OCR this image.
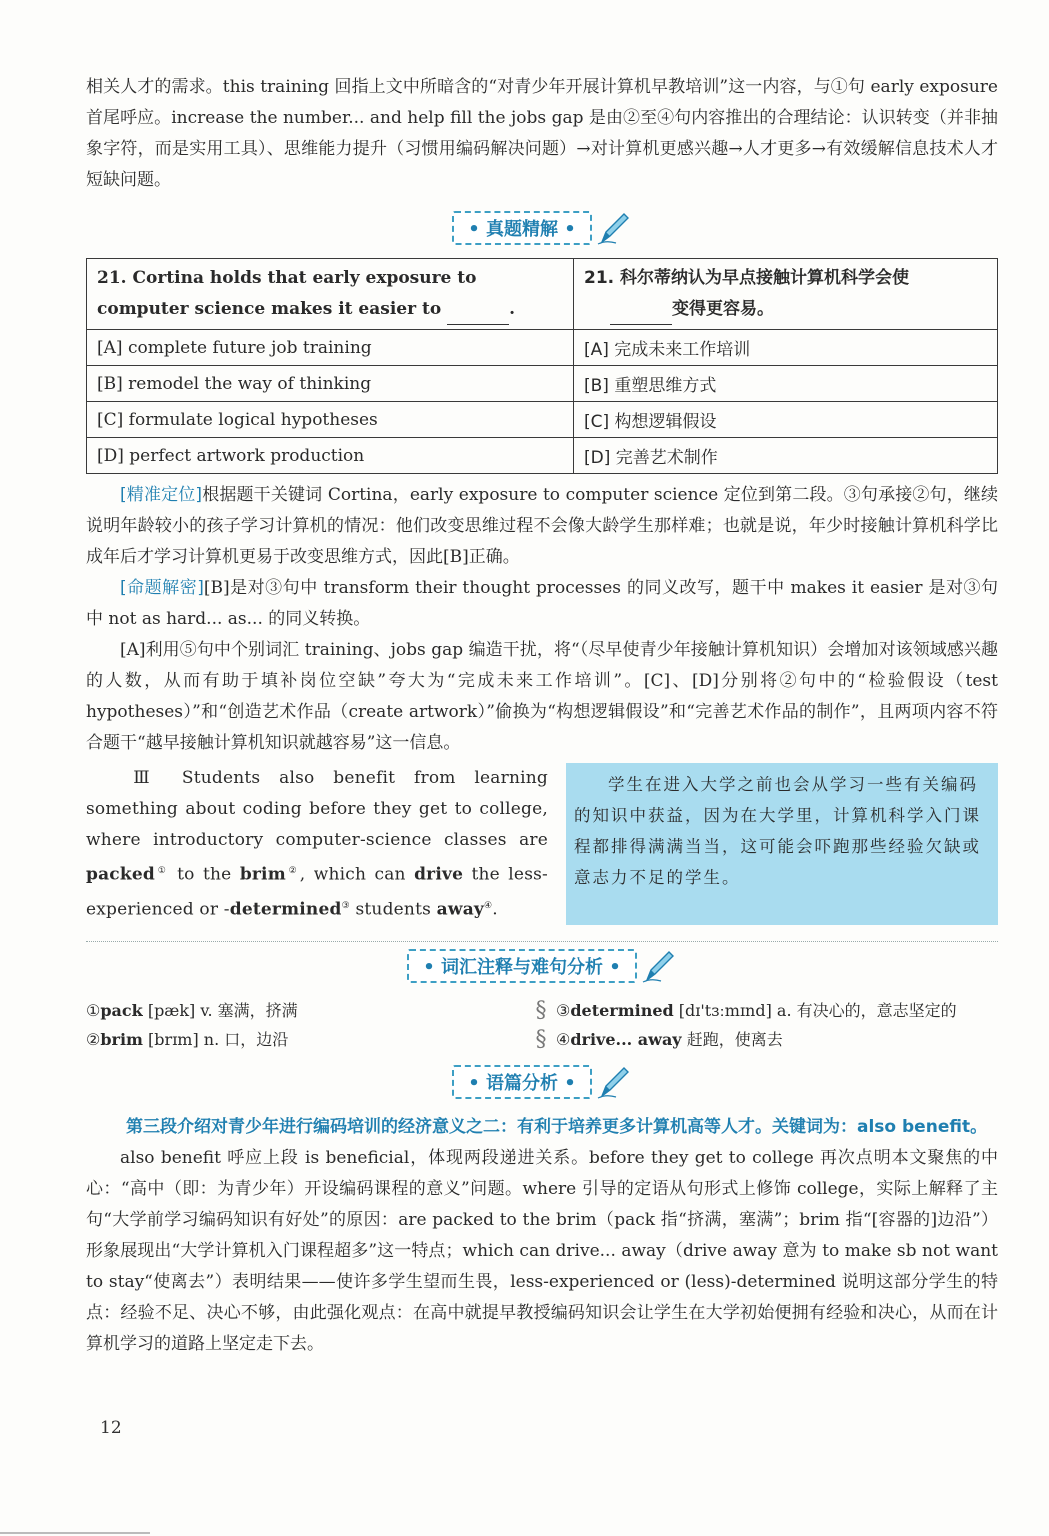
相关人才的需求。this training 回指上文中所暗含的“对青少年开展计算机早教培训”这一内容，与①句 early exposure 首尾呼应。increase the number... and help fill the jobs gap 是由②至④句内容推出的合理结论：认识转变（并非抽象字符，而是实用工具）、思维能力提升（习惯用编码解决问题）→对计算机更感兴趣→人才更多→有效缓解信息技术人才短缺问题。

• 真题精解 •
21. Cortina holds that early exposure to computer science makes it easier to .	21. 科尔蒂纳认为早点接触计算机科学会使
变得更容易。
[A] complete future job training	[A] 完成未来工作培训
[B] remodel the way of thinking	[B] 重塑思维方式
[C] formulate logical hypotheses	[C] 构想逻辑假设
[D] perfect artwork production	[D] 完善艺术制作

[精准定位]根据题干关键词 Cortina，early exposure to computer science 定位到第二段。③句承接②句，继续说明年龄较小的孩子学习计算机的情况：他们改变思维过程不会像大龄学生那样难；也就是说，年少时接触计算机科学比成年后才学习计算机更易于改变思维方式，因此[B]正确。

[命题解密][B]是对③句中 transform their thought processes 的同义改写，题干中 makes it easier 是对③句中 not as hard... as... 的同义转换。

[A]利用⑤句中个别词汇 training、jobs gap 编造干扰，将“（尽早使青少年接触计算机知识）会增加对该领域感兴趣的人数，从而有助于填补岗位空缺”夸大为“完成未来工作培训”。[C]、[D]分别将②句中的“检验假设（test hypotheses）”和“创造艺术作品（create artwork）”偷换为“构想逻辑假设”和“完善艺术作品的制作”，且两项内容不符合题干“越早接触计算机知识就越容易”这一信息。

Ⅲ Students also benefit from learning something about coding before they get to college, where introductory computer-science classes are packed① to the brim②, which can drive the less-experienced or -determined③ students away④.
学生在进入大学之前也会从学习一些有关编码的知识中获益，因为在大学里，计算机科学入门课程都排得满满当当，这可能会吓跑那些经验欠缺或意志力不足的学生。
• 词汇注释与难句分析 •
①pack [pæk] v. 塞满，挤满
②brim [brɪm] n. 口，边沿
§
§
③determined [dɪ'tɜːmɪnd] a. 有决心的，意志坚定的
④drive... away 赶跑，使离去
• 语篇分析 •

第三段介绍对青少年进行编码培训的经济意义之二：有利于培养更多计算机高等人才。关键词为：also benefit。

also benefit 呼应上段 is beneficial，体现两段递进关系。before they get to college 再次点明本文聚焦的中心：“高中（即：为青少年）开设编码课程的意义”问题。where 引导的定语从句形式上修饰 college，实际上解释了主句“大学前学习编码知识有好处”的原因：are packed to the brim（pack 指“挤满，塞满”；brim 指“[容器的]边沿”）形象展现出“大学计算机入门课程超多”这一特点；which can drive... away（drive away 意为 to make sb not want to stay“使离去”）表明结果——使许多学生望而生畏，less-experienced or (less)-determined 说明这部分学生的特点：经验不足、决心不够，由此强化观点：在高中就提早教授编码知识会让学生在大学初始便拥有经验和决心，从而在计算机学习的道路上坚定走下去。

12
